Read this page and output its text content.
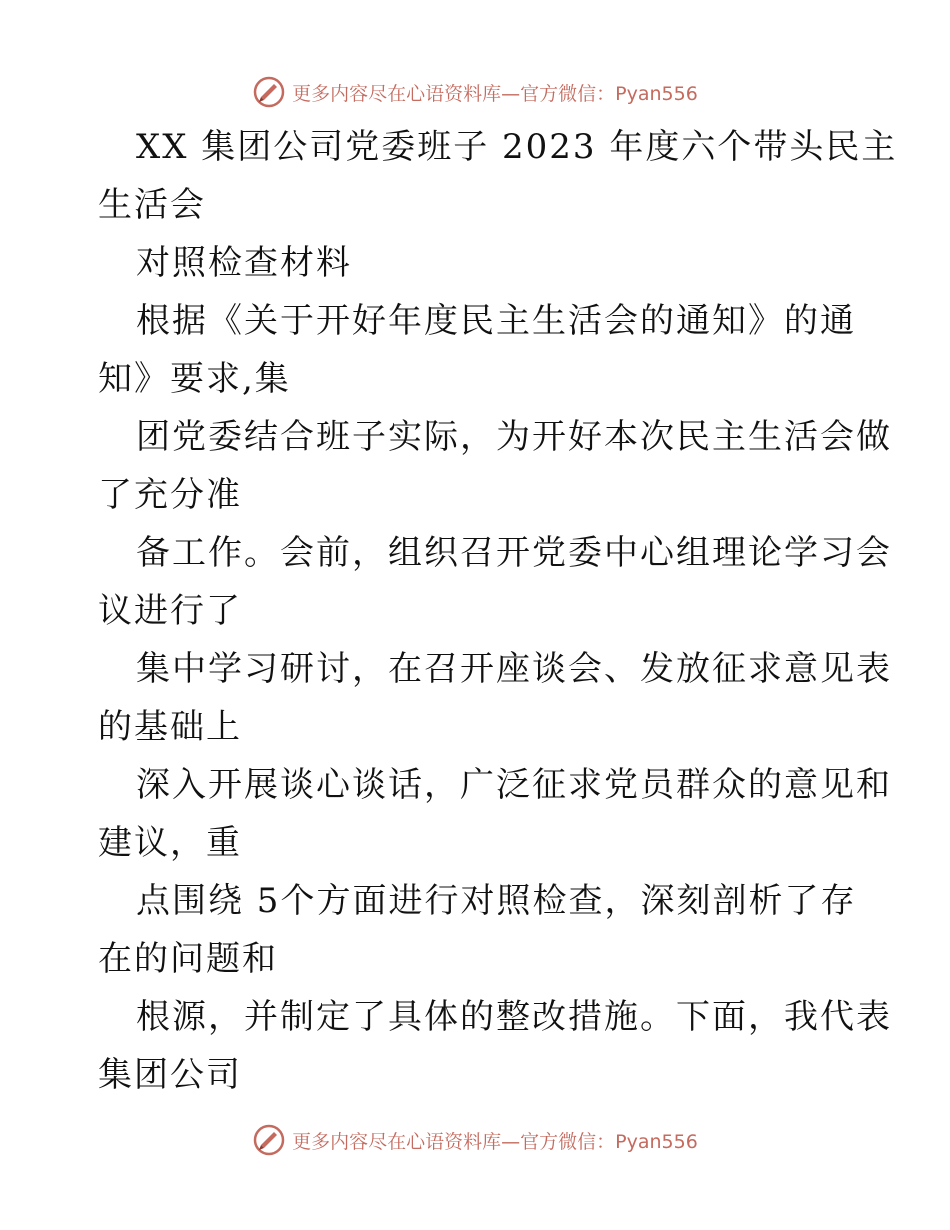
更多内容尽在心语资料库—官方微信：Pyan556
XX 集团公司党委班子 2023 年度六个带头民主
生活会
对照检查材料
根据《关于开好年度民主生活会的通知》的通
知》要求,集
团党委结合班子实际，为开好本次民主生活会做
了充分准
备工作。会前，组织召开党委中心组理论学习会
议进行了
集中学习研讨，在召开座谈会、发放征求意见表
的基础上
深入开展谈心谈话，广泛征求党员群众的意见和
建议，重
点围绕 5个方面进行对照检查，深刻剖析了存
在的问题和
根源，并制定了具体的整改措施。下面，我代表
集团公司
更多内容尽在心语资料库—官方微信：Pyan556
